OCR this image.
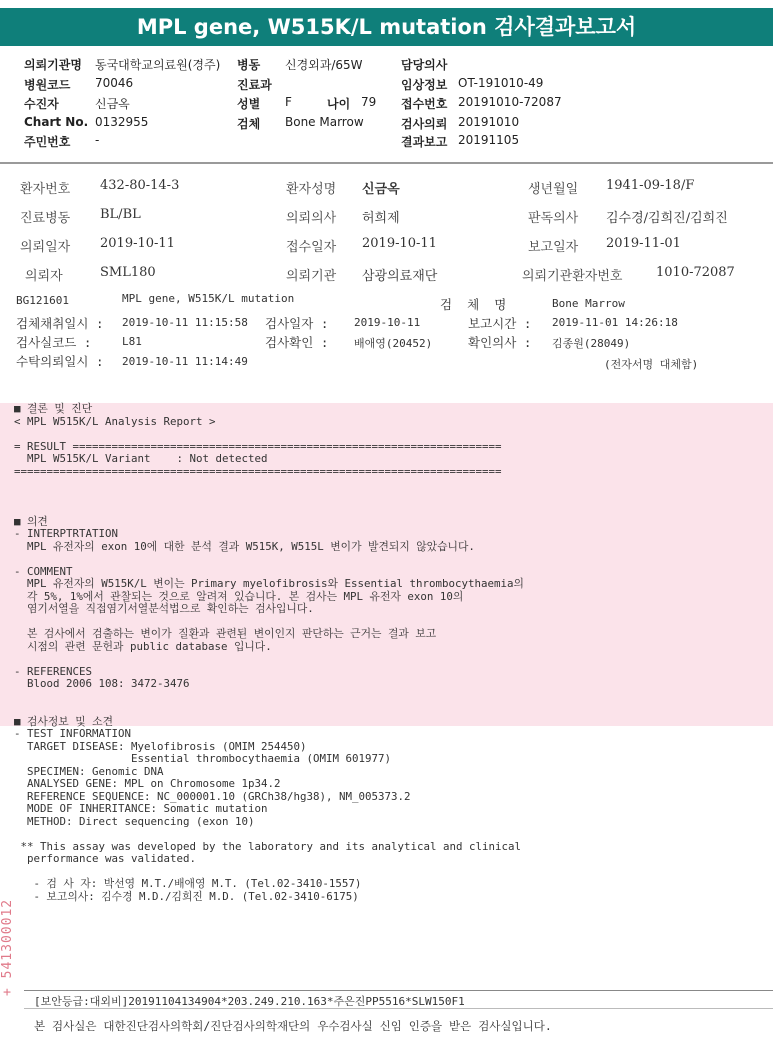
MPL gene, W515K/L mutation 검사결과보고서
의뢰기관명 동국대학교의료원(경주) 병동 신경외과/65W	담당의사
병원코드 70046	진료과	임상정보 OT-191010-49
수진자	신금옥	성별 F	나이 79 접수번호 20191010-72087
Chart No. 0132955	검체 Bone Marrow	검사의뢰 20191010
주민번호 -	결과보고 20191105
환자번호 432-80-14-3	환자성명 신금옥	생년월일 1941-09-18/F
진료병동 BL/BL	의뢰의사 허희제	판독의사 김수경/김희진/김희진
의뢰일자 2019-10-11	접수일자 2019-10-11	보고일자 2019-11-01
의뢰자	SML180	의뢰기관 삼광의료재단	의뢰기관환자번호	1010-72087
BG121601	MPL gene, W515K/L mutation	검  체  명	Bone Marrow
검체채취일시 : 2019-10-11 11:15:58 검사일자 : 2019-10-11	보고시간 : 2019-11-01 14:26:18
검사실코드 :	L81	검사확인 : 배애영(20452)	확인의사 : 김종원(28049)
수탁의뢰일시 : 2019-10-11 11:14:49	(전자서명 대체함)
■ 결론 및 진단
< MPL W515K/L Analysis Report >
= RESULT ==================================================================
MPL W515K/L Variant    : Not detected
===========================================================================
■ 의견
- INTERPTRTATION
MPL 유전자의 exon 10에 대한 분석 결과 W515K, W515L 변이가 발견되지 않았습니다.
- COMMENT
MPL 유전자의 W515K/L 변이는 Primary myelofibrosis와 Essential thrombocythaemia의
각 5%, 1%에서 관찰되는 것으로 알려져 있습니다. 본 검사는 MPL 유전자 exon 10의
염기서열을 직접염기서열분석법으로 확인하는 검사입니다.
본 검사에서 검출하는 변이가 질환과 관련된 변이인지 판단하는 근거는 결과 보고
시점의 관련 문헌과 public database 입니다.
- REFERENCES
Blood 2006 108: 3472-3476
■ 검사정보 및 소견
- TEST INFORMATION
TARGET DISEASE: Myelofibrosis (OMIM 254450)
Essential thrombocythaemia (OMIM 601977)
SPECIMEN: Genomic DNA
ANALYSED GENE: MPL on Chromosome 1p34.2
REFERENCE SEQUENCE: NC_000001.10 (GRCh38/hg38), NM_005373.2
MODE OF INHERITANCE: Somatic mutation
METHOD: Direct sequencing (exon 10)
** This assay was developed by the laboratory and its analytical and clinical
performance was validated.
- 검 사 자: 박선영 M.T./배애영 M.T. (Tel.02-3410-1557)
- 보고의사: 김수경 M.D./김희진 M.D. (Tel.02-3410-6175)
+ 541300012
[보안등급:대외비]20191104134904*203.249.210.163*주은진PP5516*SLW150F1
본 검사실은 대한진단검사의학회/진단검사의학재단의 우수검사실 신임 인증을 받은 검사실입니다.
